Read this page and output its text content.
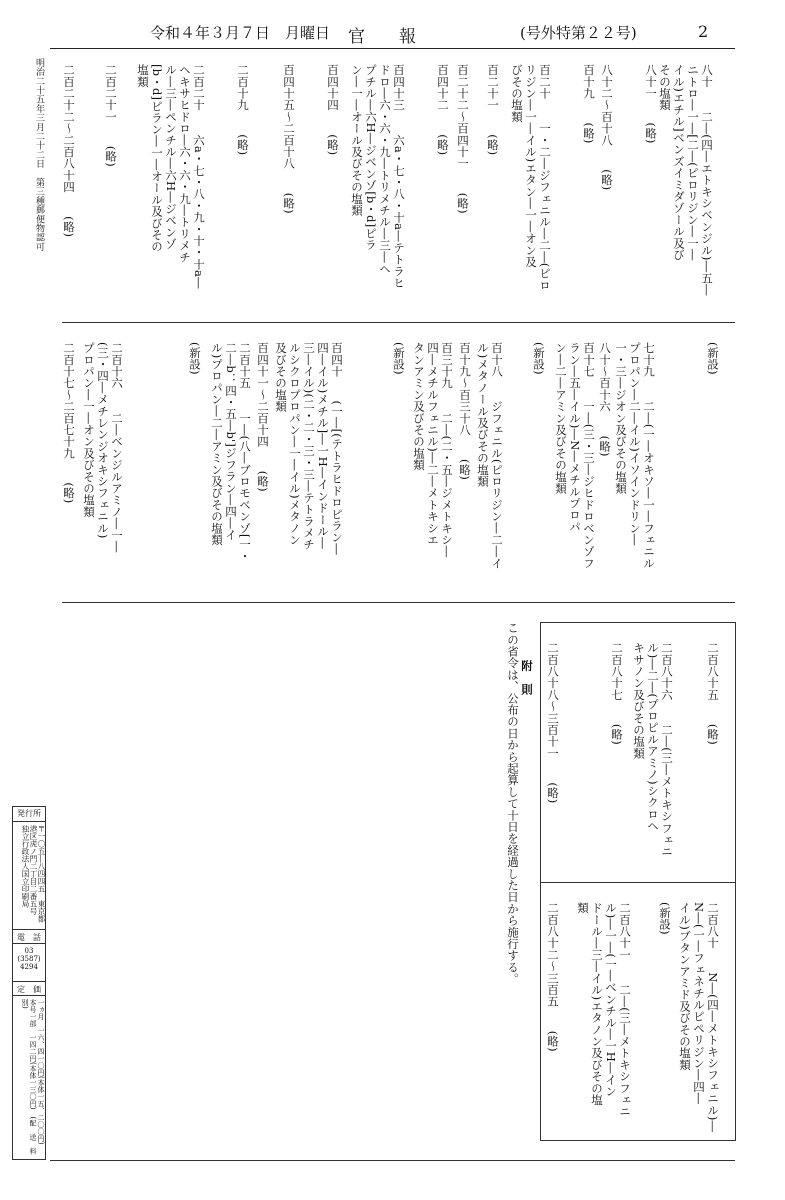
令和４年３月７日　月曜日 官　　報	(号外特第２２号)	2
明治二十五年三月二十二日　第三種郵便物認可	八十　　二―(四―エトキシベンジル)―五―
ニトロ―一―[二―(ピロリジン―一―
イル)エチル]ベンズイミダゾール及び
その塩類
八十一　　(略)
八十二～百十八　　(略)
百十九　　(略)
百二十　　一・二―ジフェニル―二―(ピロ
リジン―一―イル)エタン―一―オン及
びその塩類
百二十一　　(略)
百二十二～百四十一　　(略)
百四十二　　(略)
百四十三　　六a・七・八・十a―テトラヒ
ドロ―六・六・九―トリメチル―三―ヘ
プチル―六H―ジベンゾ[b・d]ピラ
ン―一―オール及びその塩類
百四十四　　(略)
百四十五～二百十八　　(略)
二百十九　　(略)
二百二十　　六a・七・八・九・十・十a―
ヘキサヒドロ―六・六・九―トリメチ
ル―三―ペンチル―六H―ジベンゾ
[b・d]ピラン―一―オール及びその
塩類
二百二十一　　(略)
二百二十二～二百八十四　　(略)
(新設)
七十九　　二―(一―オキソ―一―フェニル
プロパン―二―イル)イソインドリン―
一・三―ジオン及びその塩類
八十～百十六　　(略)
百十七　　一―(三・三―ジヒドロベンゾフ
ラン―五―イル)―N―メチルプロパ
ン―二―アミン及びその塩類
(新設)
百十八　　ジフェニル(ピロリジン―二―イ
ル)メタノール及びその塩類
百十九～百三十八　　(略)
百三十九　　二―(二・五―ジメトキシ―
四―メチルフェニル)―二―メトキシエ
タンアミン及びその塩類
(新設)
百四十　　(一―[(テトラヒドロピラン―
四―イル)メチル]―一H―インドール―
三―イル)(二・二・三・三―テトラメチ
ルシクロプロパン―一―イル)メタノン
及びその塩類
百四十一～二百十四　　(略)
二百十五　　一―(八―ブロモベンゾ[一・
二―b：四・五―b']ジフラン―四―イ
ル)プロパン―二―アミン及びその塩類
(新設)
二百十六　　二―ベンジルアミノ―一―
(三・四―メチレンジオキシフェニル)
プロパン―一―オン及びその塩類
二百十七～二百七十九　　(略)
二百八十五　　(略)
二百八十六　　二―(三―メトキシフェニ
ル)―二―(プロピルアミノ)シクロヘ
キサノン及びその塩類
二百八十七　　(略)
二百八十八～三百十一　　(略)
二百八十　　N―(四―メトキシフェニル)―
N―(一―フェネチルピペリジン―四―
イル)ブタンアミド及びその塩類
(新設)
二百八十一　　二―(三―メトキシフェニ
ル)―一―(一―ベンチル―一H―イン
ドール―三―イル)エタノン及びその塩
類
二百八十二～三百五　　(略)
附　則
この省令は、公布の日から起算して十日を経過した日から施行する。
発行所
〒一〇五―八四四五　東京都港区虎ノ門二丁目二番五号　独立行政法人国立印刷局
電　話
03 (3587) 4294
定　価
一ヵ月　一六、四一〇円(本体一五、二〇〇円)　本号一部　一四二円(本体一三〇円)　(配　送　料　別)
